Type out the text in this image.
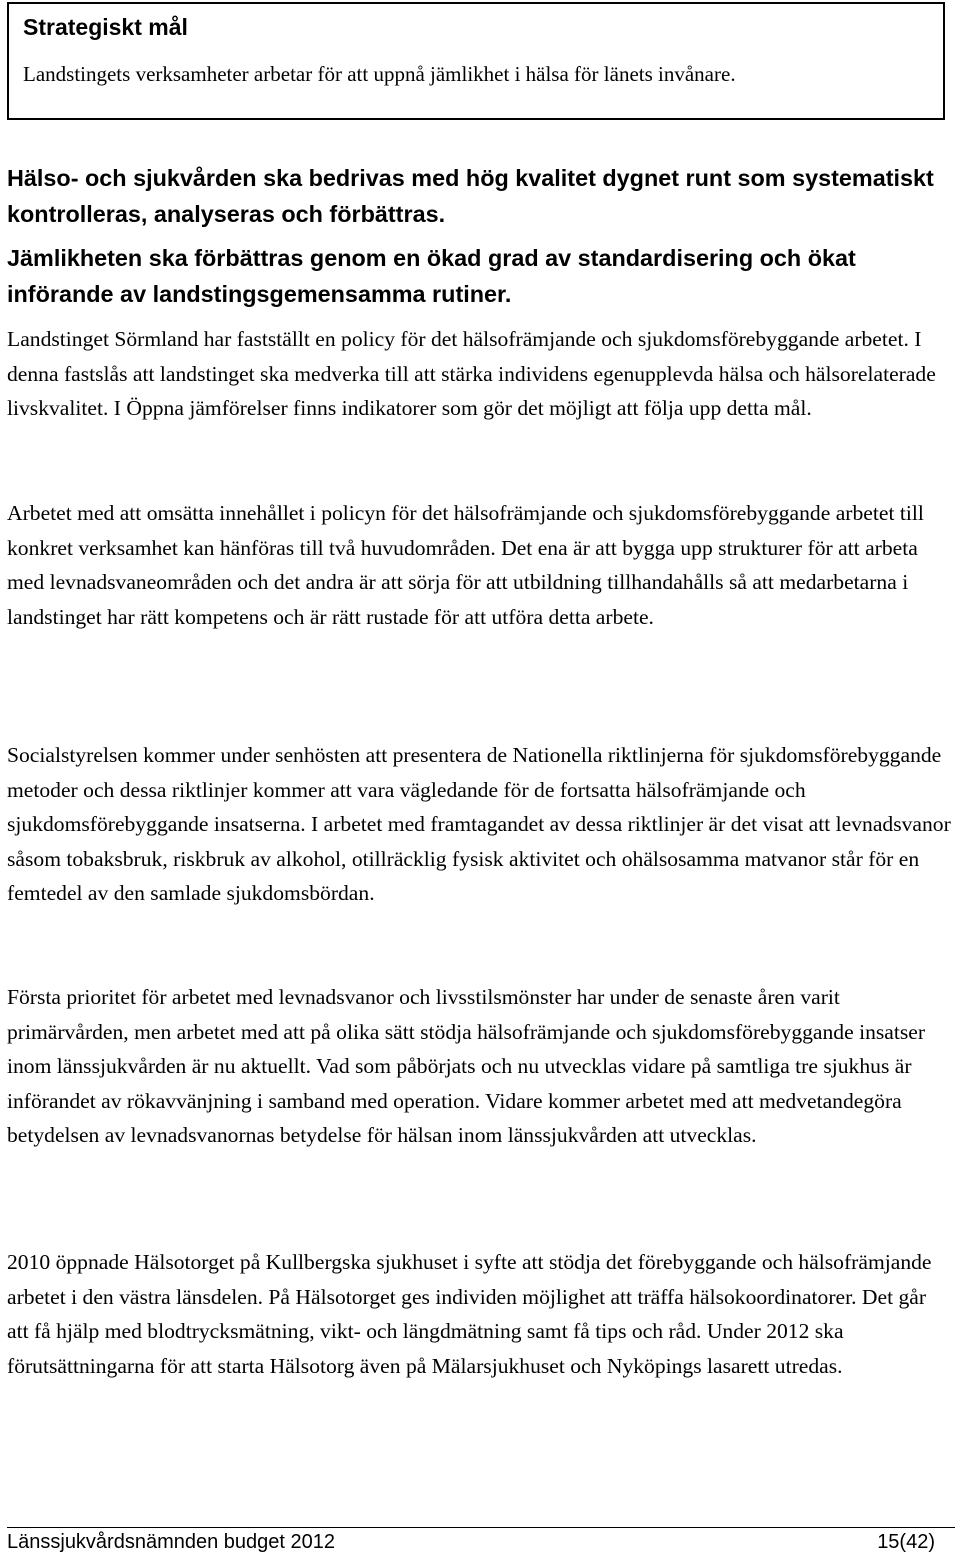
Strategiskt mål
Landstingets verksamheter arbetar för att uppnå jämlikhet i hälsa för länets invånare.
Hälso- och sjukvården ska bedrivas med hög kvalitet dygnet runt som systematiskt kontrolleras, analyseras och förbättras.
Jämlikheten ska förbättras genom en ökad grad av standardisering och ökat införande av landstingsgemensamma rutiner.

Landstinget Sörmland har fastställt en policy för det hälsofrämjande och sjukdomsförebyggande arbetet. I denna fastslås att landstinget ska medverka till att stärka individens egenupplevda hälsa och hälsorelaterade livskvalitet. I Öppna jämförelser finns indikatorer som gör det möjligt att följa upp detta mål.

Arbetet med att omsätta innehållet i policyn för det hälsofrämjande och sjukdomsförebyggande arbetet till konkret verksamhet kan hänföras till två huvudområden. Det ena är att bygga upp strukturer för att arbeta med levnadsvaneområden och det andra är att sörja för att utbildning tillhandahålls så att medarbetarna i landstinget har rätt kompetens och är rätt rustade för att utföra detta arbete.

Socialstyrelsen kommer under senhösten att presentera de Nationella riktlinjerna för sjukdomsförebyggande metoder och dessa riktlinjer kommer att vara vägledande för de fortsatta hälsofrämjande och sjukdomsförebyggande insatserna. I arbetet med framtagandet av dessa riktlinjer är det visat att levnadsvanor såsom tobaksbruk, riskbruk av alkohol, otillräcklig fysisk aktivitet och ohälsosamma matvanor står för en femtedel av den samlade sjukdomsbördan.

Första prioritet för arbetet med levnadsvanor och livsstilsmönster har under de senaste åren varit primärvården, men arbetet med att på olika sätt stödja hälsofrämjande och sjukdomsförebyggande insatser inom länssjukvården är nu aktuellt. Vad som påbörjats och nu utvecklas vidare på samtliga tre sjukhus är införandet av rökavvänjning i samband med operation. Vidare kommer arbetet med att medvetandegöra betydelsen av levnadsvanornas betydelse för hälsan inom länssjukvården att utvecklas.

2010 öppnade Hälsotorget på Kullbergska sjukhuset i syfte att stödja det förebyggande och hälsofrämjande arbetet i den västra länsdelen. På Hälsotorget ges individen möjlighet att träffa hälsokoordinatorer. Det går att få hjälp med blodtrycksmätning, vikt- och längdmätning samt få tips och råd. Under 2012 ska förutsättningarna för att starta Hälsotorg även på Mälarsjukhuset och Nyköpings lasarett utredas.

Länssjukvårdsnämnden budget 2012	15(42)
